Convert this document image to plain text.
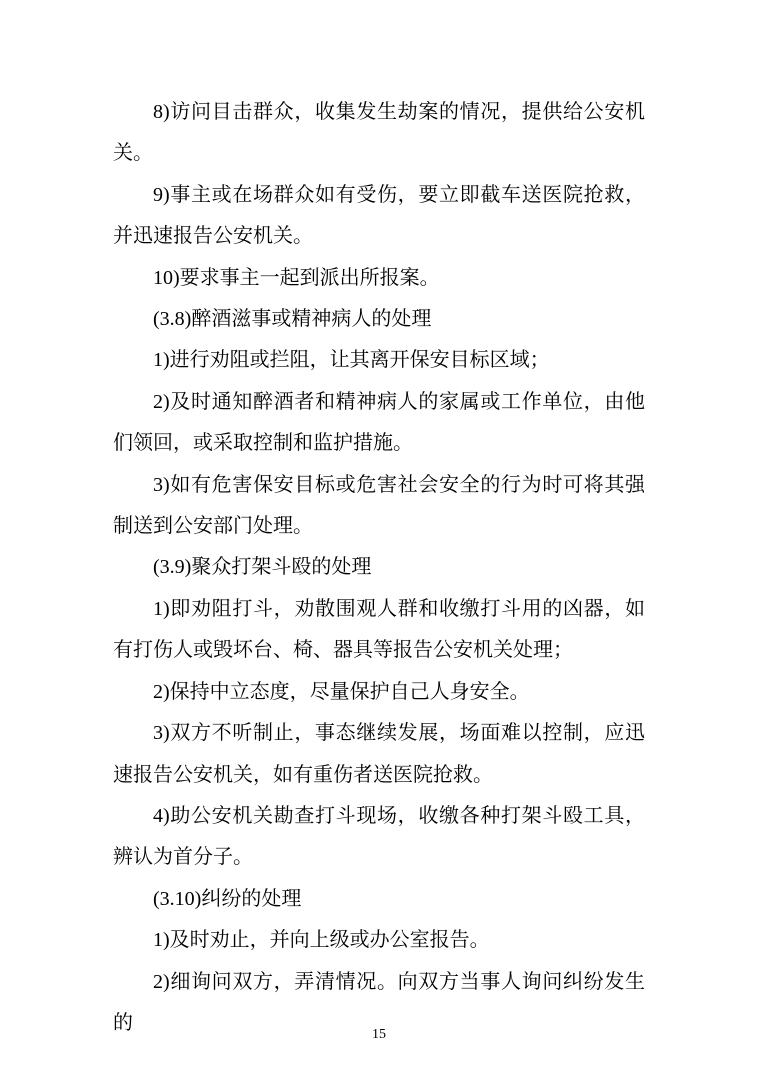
8)访问目击群众，收集发生劫案的情况，提供给公安机关。

9)事主或在场群众如有受伤，要立即截车送医院抢救，并迅速报告公安机关。

10)要求事主一起到派出所报案。

(3.8)醉酒滋事或精神病人的处理

1)进行劝阻或拦阻，让其离开保安目标区域；

2)及时通知醉酒者和精神病人的家属或工作单位，由他们领回，或采取控制和监护措施。

3)如有危害保安目标或危害社会安全的行为时可将其强制送到公安部门处理。

(3.9)聚众打架斗殴的处理

1)即劝阻打斗，劝散围观人群和收缴打斗用的凶器，如有打伤人或毁坏台、椅、器具等报告公安机关处理；

2)保持中立态度，尽量保护自己人身安全。

3)双方不听制止，事态继续发展，场面难以控制，应迅速报告公安机关，如有重伤者送医院抢救。

4)助公安机关勘查打斗现场，收缴各种打架斗殴工具，辨认为首分子。

(3.10)纠纷的处理

1)及时劝止，并向上级或办公室报告。

2)细询问双方，弄清情况。向双方当事人询问纠纷发生的

15
